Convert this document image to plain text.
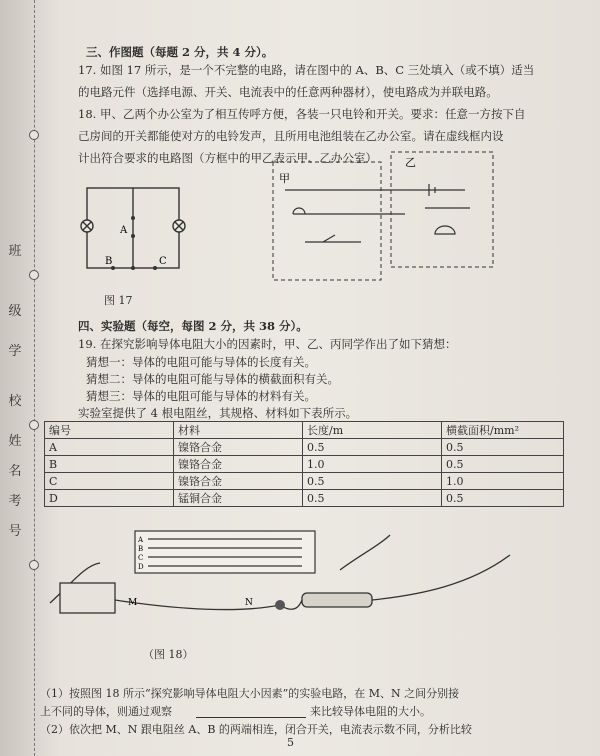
班
级
学
校
姓
名
考
号
三、作图题（每题 2 分，共 4 分）。
17. 如图 17 所示，是一个不完整的电路，请在图中的 A、B、C 三处填入（或不填）适当
的电路元件（选择电源、开关、电流表中的任意两种器材），使电路成为并联电路。
18. 甲、乙两个办公室为了相互传呼方便，各装一只电铃和开关。要求：任意一方按下自
己房间的开关都能使对方的电铃发声，且所用电池组装在乙办公室。请在虚线框内设
计出符合要求的电路图（方框中的甲乙表示甲、乙办公室）
A
B	C
图 17
甲
乙
四、实验题（每空，每图 2 分，共 38 分）。
19. 在探究影响导体电阻大小的因素时，甲、乙、丙同学作出了如下猜想：
猜想一：导体的电阻可能与导体的长度有关。
猜想二：导体的电阻可能与导体的横截面积有关。
猜想三：导体的电阻可能与导体的材料有关。
实验室提供了 4 根电阻丝，其规格、材料如下表所示。
编号	材料	长度/m	横截面积/mm²
A	镍铬合金	0.5	0.5
B	镍铬合金	1.0	0.5
C	镍铬合金	0.5	1.0
D	锰铜合金	0.5	0.5
A
B
C
D
M	N
（图 18）
（1）按照图 18 所示“探究影响导体电阻大小因素”的实验电路，在 M、N 之间分别接
上不同的导体，则通过观察	来比较导体电阻的大小。
（2）依次把 M、N 跟电阻丝 A、B 的两端相连，闭合开关，电流表示数不同，分析比较
5
